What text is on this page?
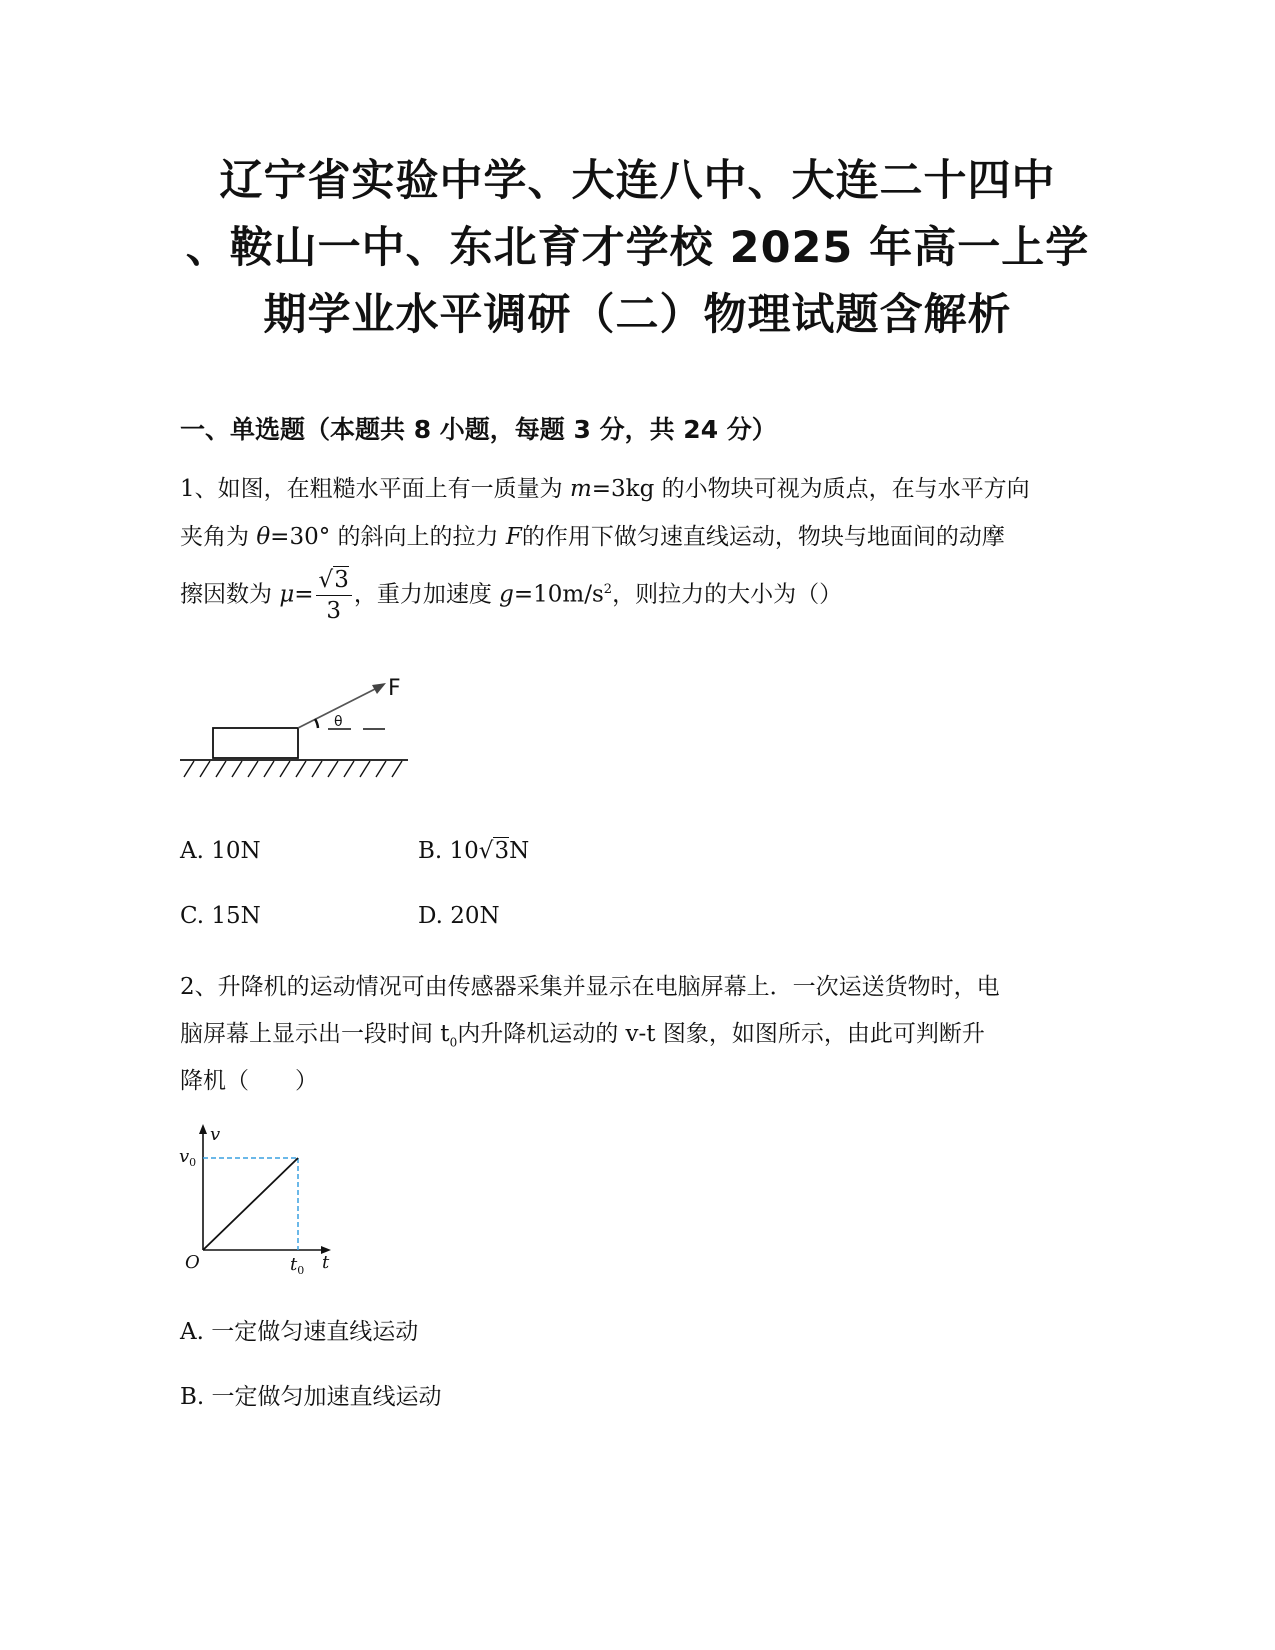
辽宁省实验中学、大连八中、大连二十四中
、鞍山一中、东北育才学校 2025 年高一上学
期学业水平调研（二）物理试题含解析
一、单选题（本题共 8 小题，每题 3 分，共 24 分）
1、如图，在粗糙水平面上有一质量为 m=3kg 的小物块可视为质点，在与水平方向
夹角为 θ=30° 的斜向上的拉力 F的作用下做匀速直线运动，物块与地面间的动摩
擦因数为 $\mu= \frac{√3}{3}$ ，重力加速度 $g=10m/s^2$，则拉力的大小为（）
F
θ
A. 10N	B. 10√3N
C. 15N	D. 20N
2、升降机的运动情况可由传感器采集并显示在电脑屏幕上．一次运送货物时，电
脑屏幕上显示出一段时间 $t_0$内升降机运动的 v-t 图象，如图所示，由此可判断升
降机（　　）
v
$v_0$
O	$t_0$ t
A. 一定做匀速直线运动
B. 一定做匀加速直线运动
